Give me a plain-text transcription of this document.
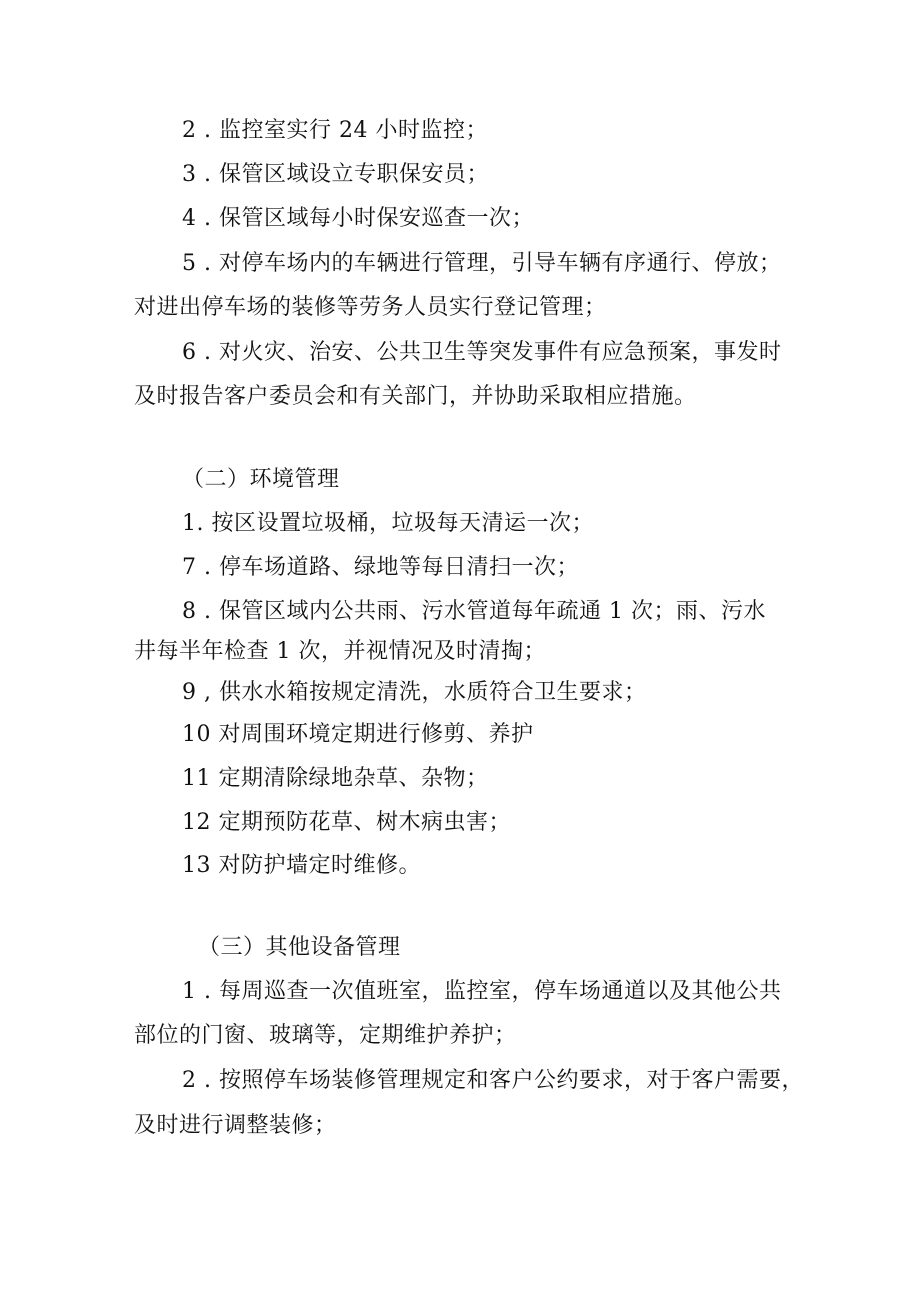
2 . 监控室实行 24 小时监控；
3 . 保管区域设立专职保安员；
4 . 保管区域每小时保安巡查一次；
5 . 对停车场内的车辆进行管理，引导车辆有序通行、停放；
对进出停车场的装修等劳务人员实行登记管理；
6 . 对火灾、治安、公共卫生等突发事件有应急预案，事发时
及时报告客户委员会和有关部门，并协助采取相应措施。
（二）环境管理
1. 按区设置垃圾桶，垃圾每天清运一次；
7 . 停车场道路、绿地等每日清扫一次；
8 . 保管区域内公共雨、污水管道每年疏通 1 次；雨、污水
井每半年检查 1 次，并视情况及时清掏；
9 , 供水水箱按规定清洗，水质符合卫生要求；
10 对周围环境定期进行修剪、养护
11 定期清除绿地杂草、杂物；
12 定期预防花草、树木病虫害；
13 对防护墙定时维修。
（三）其他设备管理
1 . 每周巡查一次值班室，监控室，停车场通道以及其他公共
部位的门窗、玻璃等，定期维护养护；
2 . 按照停车场装修管理规定和客户公约要求，对于客户需要，
及时进行调整装修；
